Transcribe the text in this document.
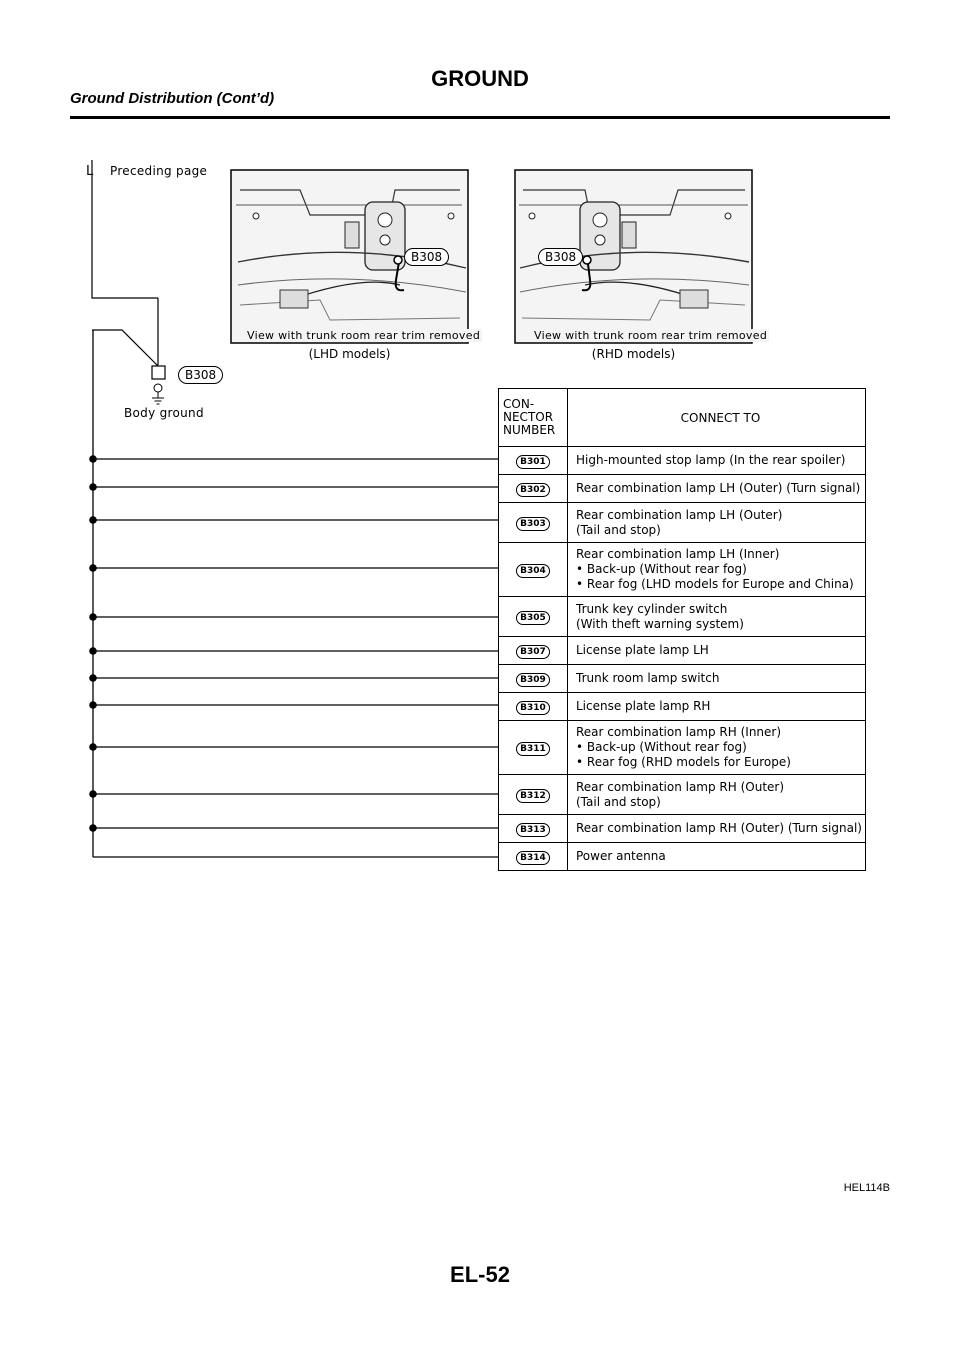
GROUND
Ground Distribution (Cont’d)
L Preceding page
B308
Body ground
B308
View with trunk room rear trim removed
(LHD models)
B308
View with trunk room rear trim removed
(RHD models)
CON-
NECTOR
NUMBER	CONNECT TO
B301	High-mounted stop lamp (In the rear spoiler)

B302	Rear combination lamp LH (Outer) (Turn signal)

B303	Rear combination lamp LH (Outer)
(Tail and stop)

B304	Rear combination lamp LH (Inner)
• Back-up (Without rear fog)
• Rear fog (LHD models for Europe and China)

B305	Trunk key cylinder switch
(With theft warning system)

B307	License plate lamp LH

B309	Trunk room lamp switch

B310	License plate lamp RH

B311	Rear combination lamp RH (Inner)
• Back-up (Without rear fog)
• Rear fog (RHD models for Europe)

B312	Rear combination lamp RH (Outer)
(Tail and stop)

B313	Rear combination lamp RH (Outer) (Turn signal)

B314	Power antenna
HEL114B
EL-52
